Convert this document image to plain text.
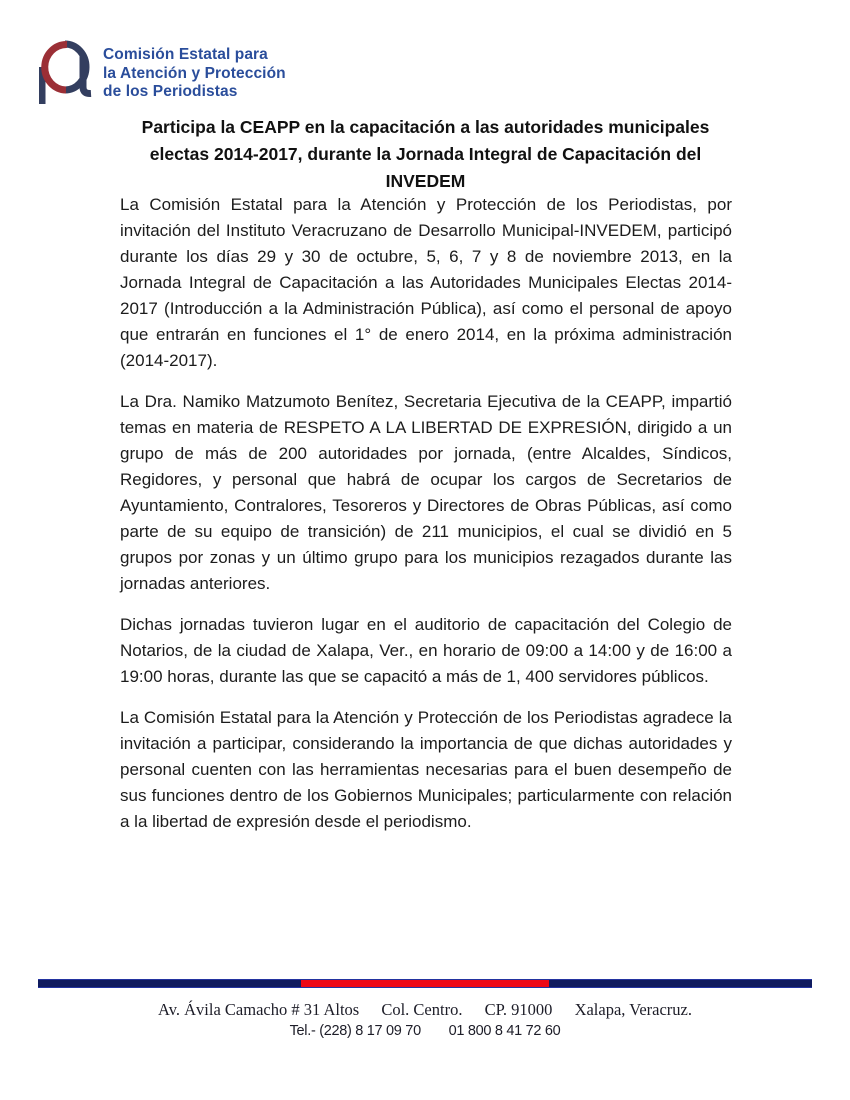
Comisión Estatal para
la Atención y Protección
de los Periodistas
Participa la CEAPP en la capacitación a las autoridades municipales electas 2014-2017, durante la Jornada Integral de Capacitación del INVEDEM

La Comisión Estatal para la Atención y Protección de los Periodistas, por invitación del Instituto Veracruzano de Desarrollo Municipal-INVEDEM, participó durante los días 29 y 30 de octubre, 5, 6, 7 y 8 de noviembre 2013, en la Jornada Integral de Capacitación a las Autoridades Municipales Electas 2014-2017 (Introducción a la Administración Pública), así como el personal de apoyo que entrarán en funciones el 1° de enero 2014, en la próxima administración (2014-2017).

La Dra. Namiko Matzumoto Benítez, Secretaria Ejecutiva de la CEAPP, impartió temas en materia de RESPETO A LA LIBERTAD DE EXPRESIÓN, dirigido a un grupo de más de 200 autoridades por jornada, (entre Alcaldes, Síndicos, Regidores, y personal que habrá de ocupar los cargos de Secretarios de Ayuntamiento, Contralores, Tesoreros y Directores de Obras Públicas, así como parte de su equipo de transición) de 211 municipios, el cual se dividió en 5 grupos por zonas y un último grupo para los municipios rezagados durante las jornadas anteriores.

Dichas jornadas tuvieron lugar en el auditorio de capacitación del Colegio de Notarios, de la ciudad de Xalapa, Ver., en horario de 09:00 a 14:00 y de 16:00 a 19:00 horas, durante las que se capacitó a más de 1, 400 servidores públicos.

La Comisión Estatal para la Atención y Protección de los Periodistas agradece la invitación a participar, considerando la importancia de que dichas autoridades y personal cuenten con las herramientas necesarias para el buen desempeño de sus funciones dentro de los Gobiernos Municipales; particularmente con relación a la libertad de expresión desde el periodismo.

Av. Ávila Camacho # 31 Altos Col. Centro. CP. 91000 Xalapa, Veracruz.
Tel.- (228) 8 17 09 70 01 800 8 41 72 60
